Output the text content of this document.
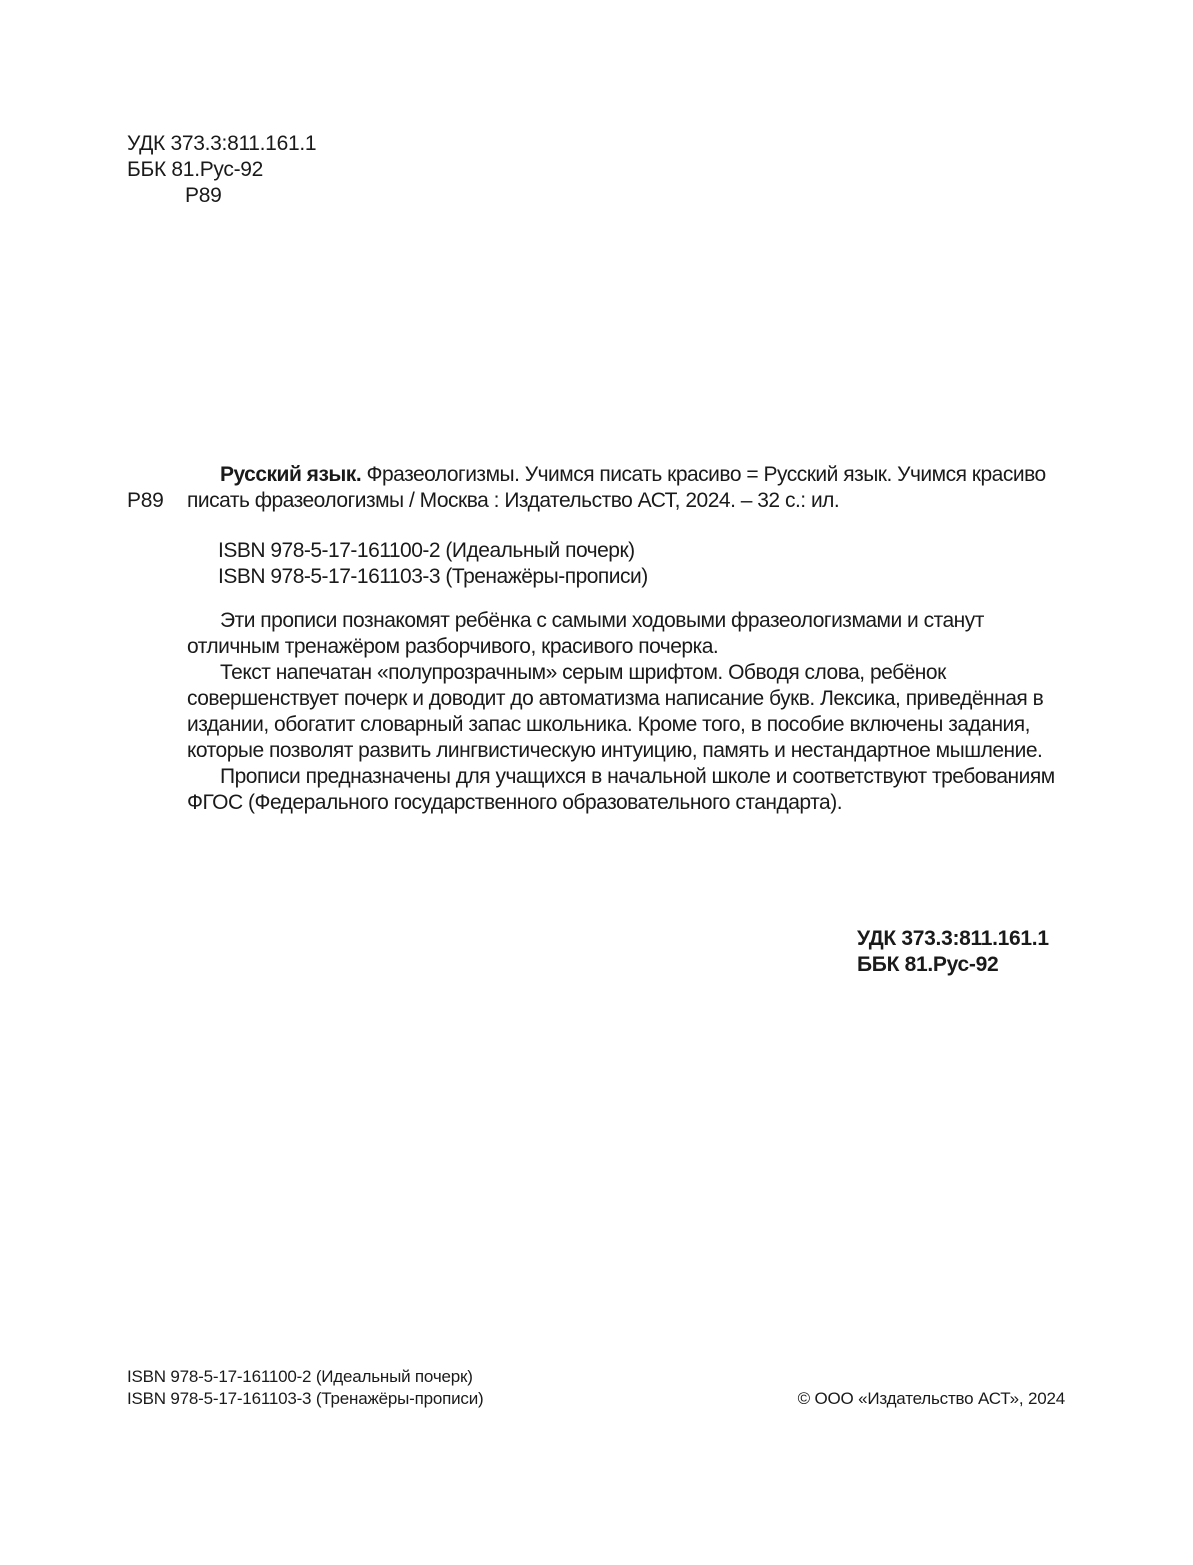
УДК 373.3:811.161.1
ББК 81.Рус-92
Р89
Р89

Русский язык. Фразеологизмы. Учимся писать красиво = Русский язык. Учимся красиво писать фразеологизмы / Москва : Издательство АСТ, 2024. – 32 с.: ил.

ISBN 978-5-17-161100-2 (Идеальный почерк)
ISBN 978-5-17-161103-3 (Тренажёры-прописи)

Эти прописи познакомят ребёнка с самыми ходовыми фразеологизмами и станут отличным тренажёром разборчивого, красивого почерка.

Текст напечатан «полупрозрачным» серым шрифтом. Обводя слова, ребёнок совершенствует почерк и доводит до автоматизма написание букв. Лексика, приведённая в издании, обогатит словарный запас школьника. Кроме того, в пособие включены задания, которые позволят развить лингвистическую интуицию, память и нестандартное мышление.

Прописи предназначены для учащихся в начальной школе и соответствуют требованиям ФГОС (Федерального государственного образовательного стандарта).

УДК 373.3:811.161.1
ББК 81.Рус-92
ISBN 978-5-17-161100-2 (Идеальный почерк)
ISBN 978-5-17-161103-3 (Тренажёры-прописи)	© ООО «Издательство АСТ», 2024
